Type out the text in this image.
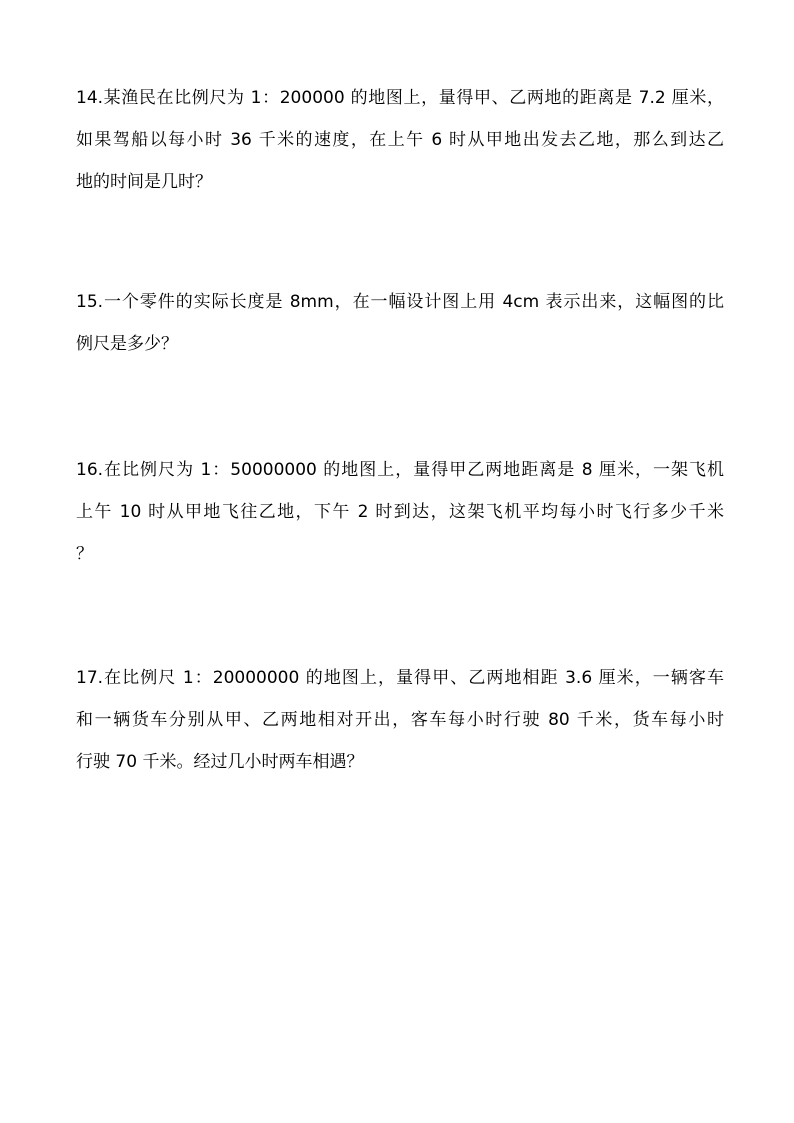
14.某渔民在比例尺为 1：200000 的地图上，量得甲、乙两地的距离是 7.2 厘米，
如果驾船以每小时 36 千米的速度，在上午 6 时从甲地出发去乙地，那么到达乙
地的时间是几时？
15.一个零件的实际长度是 8mm，在一幅设计图上用 4cm 表示出来，这幅图的比
例尺是多少？
16.在比例尺为 1：50000000 的地图上，量得甲乙两地距离是 8 厘米，一架飞机
上午 10 时从甲地飞往乙地，下午 2 时到达，这架飞机平均每小时飞行多少千米
？
17.在比例尺 1：20000000 的地图上，量得甲、乙两地相距 3.6 厘米，一辆客车
和一辆货车分别从甲、乙两地相对开出，客车每小时行驶 80 千米，货车每小时
行驶 70 千米。经过几小时两车相遇？
